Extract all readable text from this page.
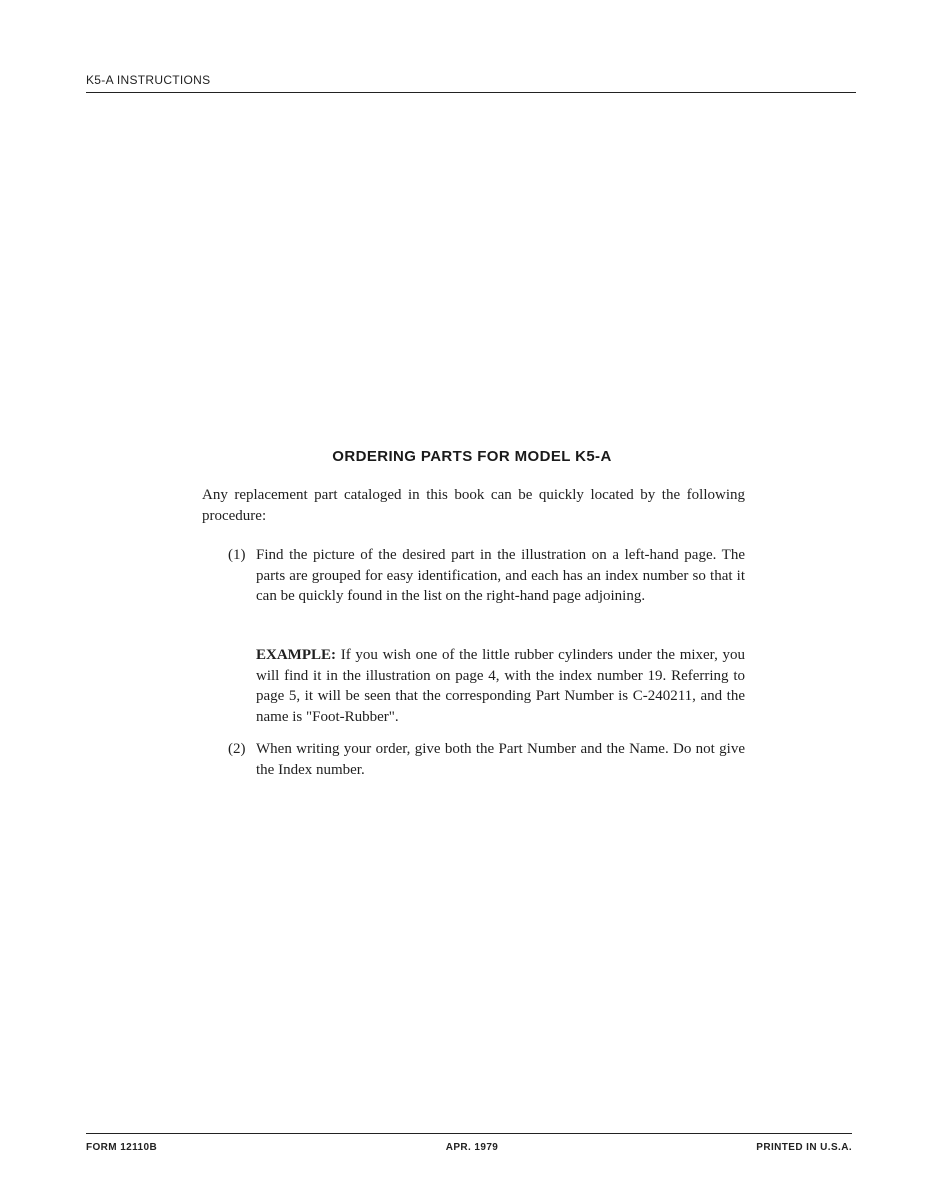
K5-A INSTRUCTIONS
ORDERING PARTS FOR MODEL K5-A
Any replacement part cataloged in this book can be quickly located by the following procedure:
(1) Find the picture of the desired part in the illustration on a left-hand page. The parts are grouped for easy identification, and each has an index number so that it can be quickly found in the list on the right-hand page adjoining.
EXAMPLE: If you wish one of the little rubber cylinders under the mixer, you will find it in the illustration on page 4, with the index number 19. Referring to page 5, it will be seen that the corresponding Part Number is C-240211, and the name is "Foot-Rubber".
(2) When writing your order, give both the Part Number and the Name. Do not give the Index number.
FORM 12110B	APR. 1979	PRINTED IN U.S.A.
